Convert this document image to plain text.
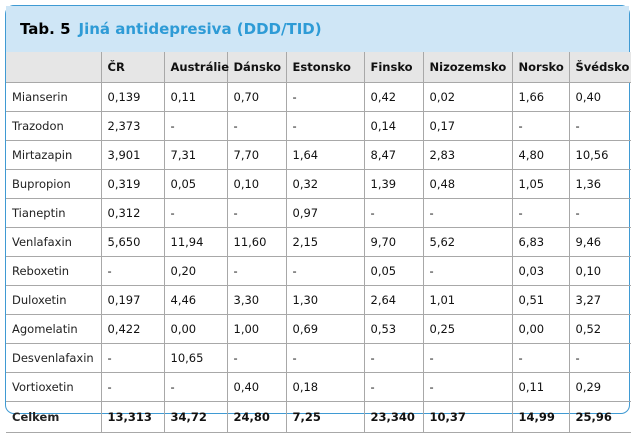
Tab. 5 Jiná antidepresiva (DDD/TID)
	ČR	Austrálie	Dánsko	Estonsko	Finsko	Nizozemsko	Norsko	Švédsko
Mianserin	0,139	0,11	0,70	-	0,42	0,02	1,66	0,40
Trazodon	2,373	-	-	-	0,14	0,17	-	-
Mirtazapin	3,901	7,31	7,70	1,64	8,47	2,83	4,80	10,56
Bupropion	0,319	0,05	0,10	0,32	1,39	0,48	1,05	1,36
Tianeptin	0,312	-	-	0,97	-	-	-	-
Venlafaxin	5,650	11,94	11,60	2,15	9,70	5,62	6,83	9,46
Reboxetin	-	0,20	-	-	0,05	-	0,03	0,10
Duloxetin	0,197	4,46	3,30	1,30	2,64	1,01	0,51	3,27
Agomelatin	0,422	0,00	1,00	0,69	0,53	0,25	0,00	0,52
Desvenlafaxin	-	10,65	-	-	-	-	-	-
Vortioxetin	-	-	0,40	0,18	-	-	0,11	0,29
Celkem	13,313	34,72	24,80	7,25	23,340	10,37	14,99	25,96
